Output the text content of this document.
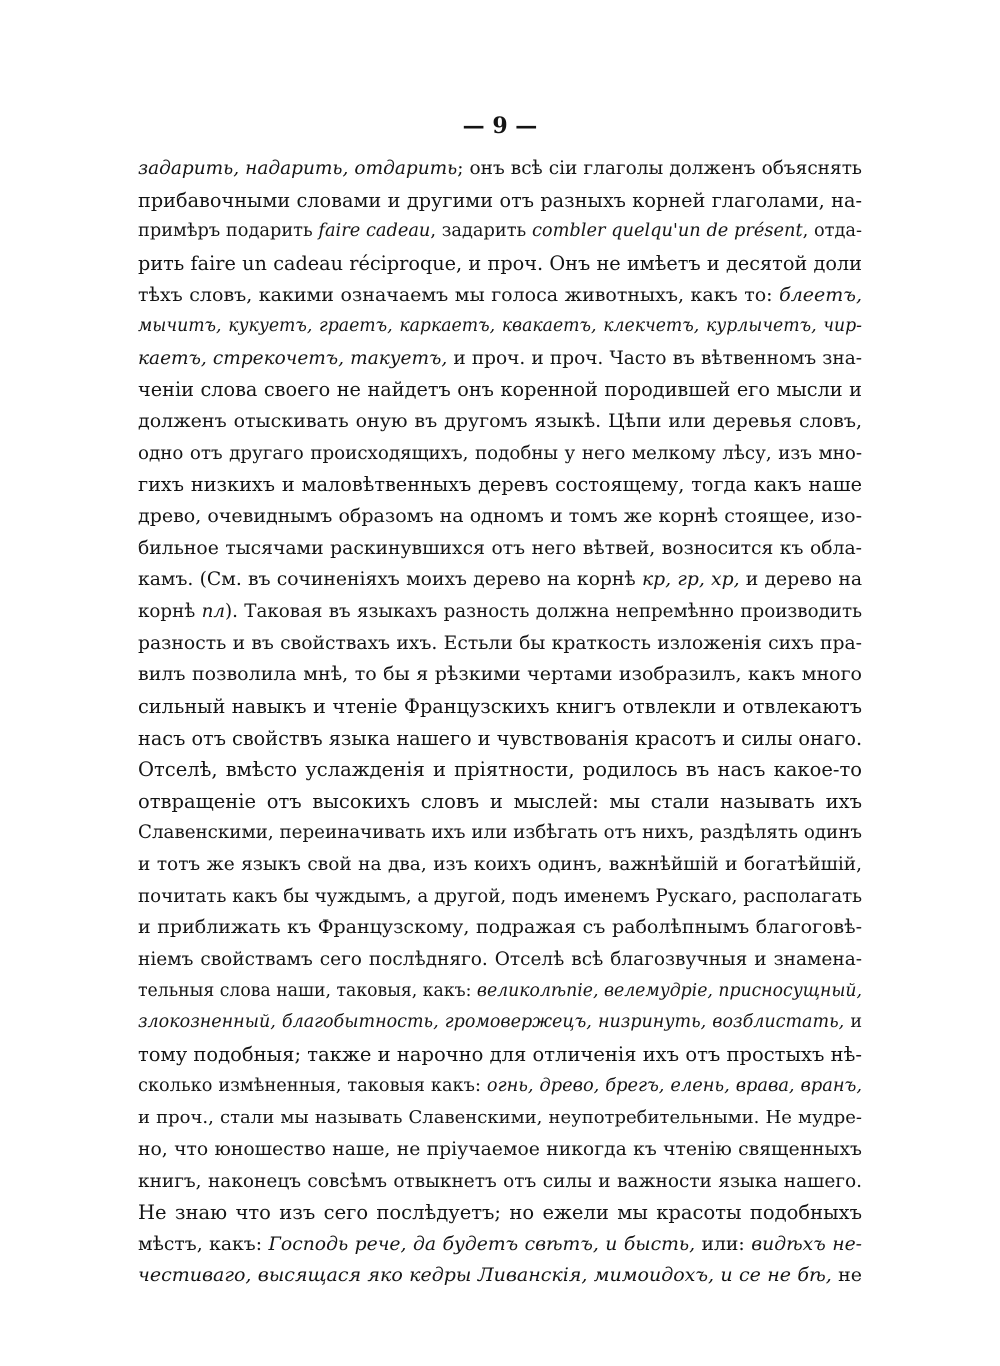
— 9 —
задарить, надарить, отдарить; онъ всѣ сіи глаголы долженъ объяснять
прибавочными словами и другими отъ разныхъ корней глаголами, на-
примѣръ подарить faire cadeau, задарить combler quelqu'un de présent, отда-
рить faire un cadeau réciproque, и проч. Онъ не имѣетъ и десятой доли
тѣхъ словъ, какими означаемъ мы голоса животныхъ, какъ то: блеетъ,
мычитъ, кукуетъ, граетъ, каркаетъ, квакаетъ, клекчетъ, курлычетъ, чир-
каетъ, стрекочетъ, такуетъ, и проч. и проч. Часто въ вѣтвенномъ зна-
ченіи слова своего не найдетъ онъ коренной породившей его мысли и
долженъ отыскивать оную въ другомъ языкѣ. Цѣпи или деревья словъ,
одно отъ другаго происходящихъ, подобны у него мелкому лѣсу, изъ мно-
гихъ низкихъ и маловѣтвенныхъ деревъ состоящему, тогда какъ наше
древо, очевиднымъ образомъ на одномъ и томъ же корнѣ стоящее, изо-
бильное тысячами раскинувшихся отъ него вѣтвей, возносится къ обла-
камъ. (См. въ сочиненіяхъ моихъ дерево на корнѣ кр, гр, хр, и дерево на
корнѣ пл). Таковая въ языкахъ разность должна непремѣнно производить
разность и въ свойствахъ ихъ. Естьли бы краткость изложенія сихъ пра-
вилъ позволила мнѣ, то бы я рѣзкими чертами изобразилъ, какъ много
сильный навыкъ и чтеніе Французскихъ книгъ отвлекли и отвлекаютъ
насъ отъ свойствъ языка нашего и чувствованія красотъ и силы онаго.
Отселѣ, вмѣсто услажденія и пріятности, родилось въ насъ какое-то
отвращеніе отъ высокихъ словъ и мыслей: мы стали называть ихъ
Славенскими, переиначивать ихъ или избѣгать отъ нихъ, раздѣлять одинъ
и тотъ же языкъ свой на два, изъ коихъ одинъ, важнѣйшій и богатѣйшій,
почитать какъ бы чуждымъ, а другой, подъ именемъ Рускаго, располагать
и приближать къ Французскому, подражая съ раболѣпнымъ благоговѣ-
ніемъ свойствамъ сего послѣдняго. Отселѣ всѣ благозвучныя и знамена-
тельныя слова наши, таковыя, какъ: великолѣпіе, велемудріе, присносущный,
злокозненный, благобытность, громовержецъ, низринуть, возблистать, и
тому подобныя; также и нарочно для отличенія ихъ отъ простыхъ нѣ-
сколько измѣненныя, таковыя какъ: огнь, древо, брегъ, елень, врава, вранъ,
и проч., стали мы называть Славенскими, неупотребительными. Не мудре-
но, что юношество наше, не пріучаемое никогда къ чтенію священныхъ
книгъ, наконецъ совсѣмъ отвыкнетъ отъ силы и важности языка нашего.
Не знаю что изъ сего послѣдуетъ; но ежели мы красоты подобныхъ
мѣстъ, какъ: Господь рече, да будетъ свѣтъ, и бысть, или: видѣхъ не-
честиваго, высящася яко кедры Ливанскія, мимоидохъ, и се не бѣ, не
